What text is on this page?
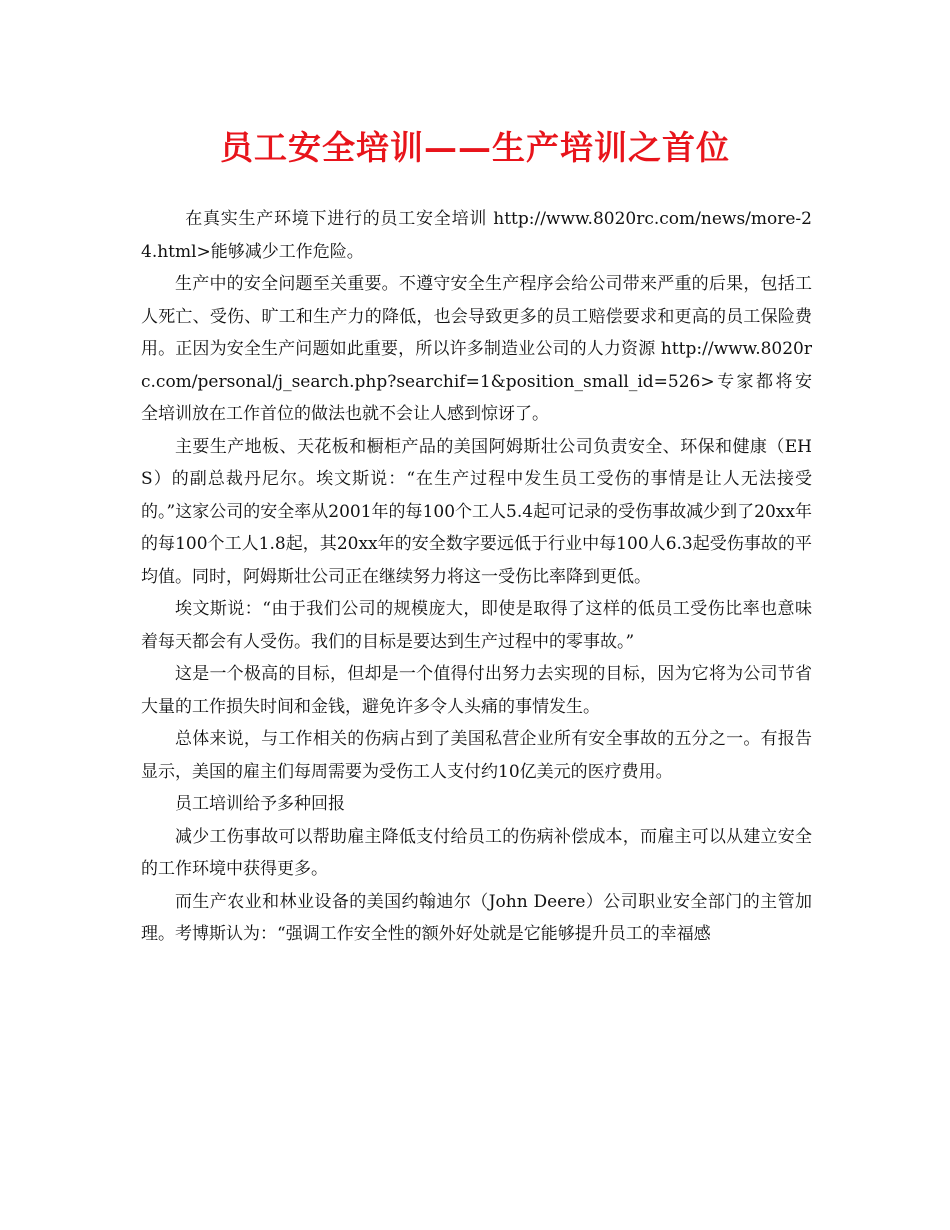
员工安全培训——生产培训之首位

在真实生产环境下进行的员工安全培训 http://www.8020rc.com/news/more-24.html>能够减少工作危险。

生产中的安全问题至关重要。不遵守安全生产程序会给公司带来严重的后果，包括工人死亡、受伤、旷工和生产力的降低，也会导致更多的员工赔偿要求和更高的员工保险费用。正因为安全生产问题如此重要，所以许多制造业公司的人力资源 http://www.8020rc.com/personal/j_search.php?searchif=1&position_small_id=526>专家都将安全培训放在工作首位的做法也就不会让人感到惊讶了。

主要生产地板、天花板和橱柜产品的美国阿姆斯壮公司负责安全、环保和健康（EHS）的副总裁丹尼尔。埃文斯说：“在生产过程中发生员工受伤的事情是让人无法接受的。”这家公司的安全率从2001年的每100个工人5.4起可记录的受伤事故减少到了20xx年的每100个工人1.8起，其20xx年的安全数字要远低于行业中每100人6.3起受伤事故的平均值。同时，阿姆斯壮公司正在继续努力将这一受伤比率降到更低。

埃文斯说：“由于我们公司的规模庞大，即使是取得了这样的低员工受伤比率也意味着每天都会有人受伤。我们的目标是要达到生产过程中的零事故。”

这是一个极高的目标，但却是一个值得付出努力去实现的目标，因为它将为公司节省大量的工作损失时间和金钱，避免许多令人头痛的事情发生。

总体来说，与工作相关的伤病占到了美国私营企业所有安全事故的五分之一。有报告显示，美国的雇主们每周需要为受伤工人支付约10亿美元的医疗费用。

员工培训给予多种回报

减少工伤事故可以帮助雇主降低支付给员工的伤病补偿成本，而雇主可以从建立安全的工作环境中获得更多。

而生产农业和林业设备的美国约翰迪尔（John Deere）公司职业安全部门的主管加理。考博斯认为：“强调工作安全性的额外好处就是它能够提升员工的幸福感
